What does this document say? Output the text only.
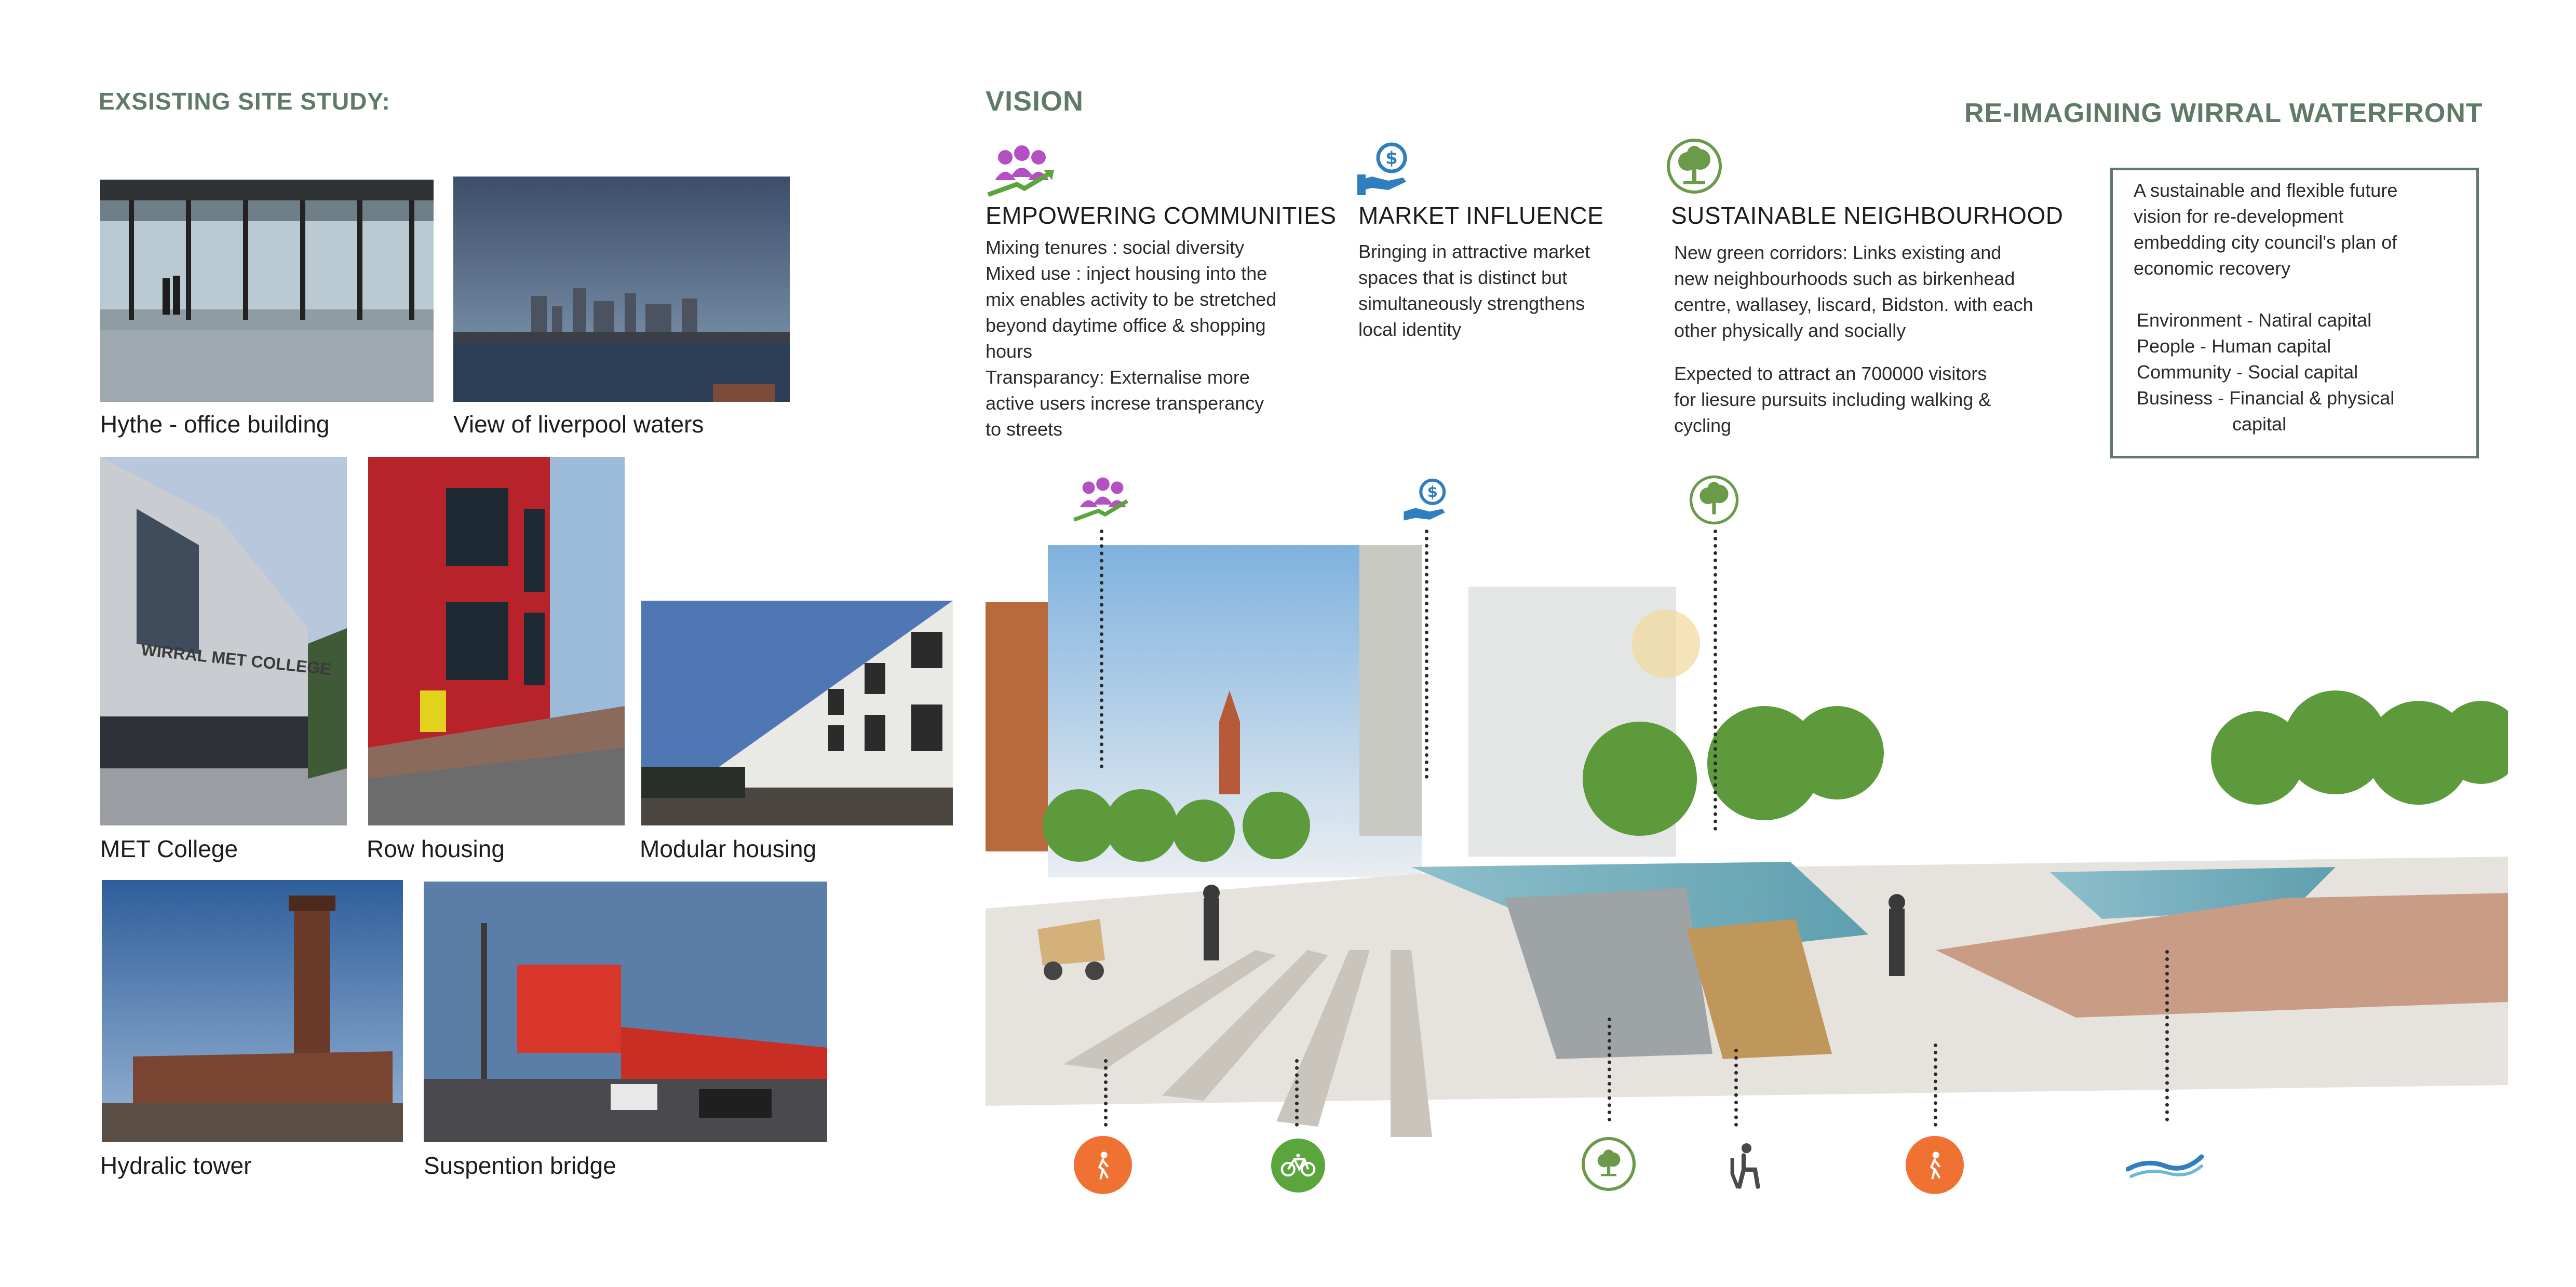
EXSISTING SITE STUDY:
Hythe - office building	View of liverpool waters
WIRRAL MET COLLEGE
MET College	Row housing	Modular housing
Hydralic tower	Suspention bridge
VISION	RE-IMAGINING WIRRAL WATERFRONT
$
EMPOWERING COMMUNITIES

Mixing tenures : social diversity

Mixed use : inject housing into the

mix enables activity to be stretched

beyond daytime office & shopping

hours

Transparancy: Externalise more

active users increse transperancy

to streets

MARKET INFLUENCE

Bringing in attractive market

spaces that is distinct but

simultaneously strengthens

local identity

SUSTAINABLE NEIGHBOURHOOD

New green corridors: Links existing and

new neighbourhoods such as birkenhead

centre, wallasey, liscard, Bidston. with each

other physically and socially

Expected to attract an 700000 visitors

for liesure pursuits including walking &

cycling

A sustainable and flexible future

vision for re-development

embedding city council's plan of

economic recovery

Environment - Natiral capital

People - Human capital

Community - Social capital

Business - Financial & physical

capital

$
